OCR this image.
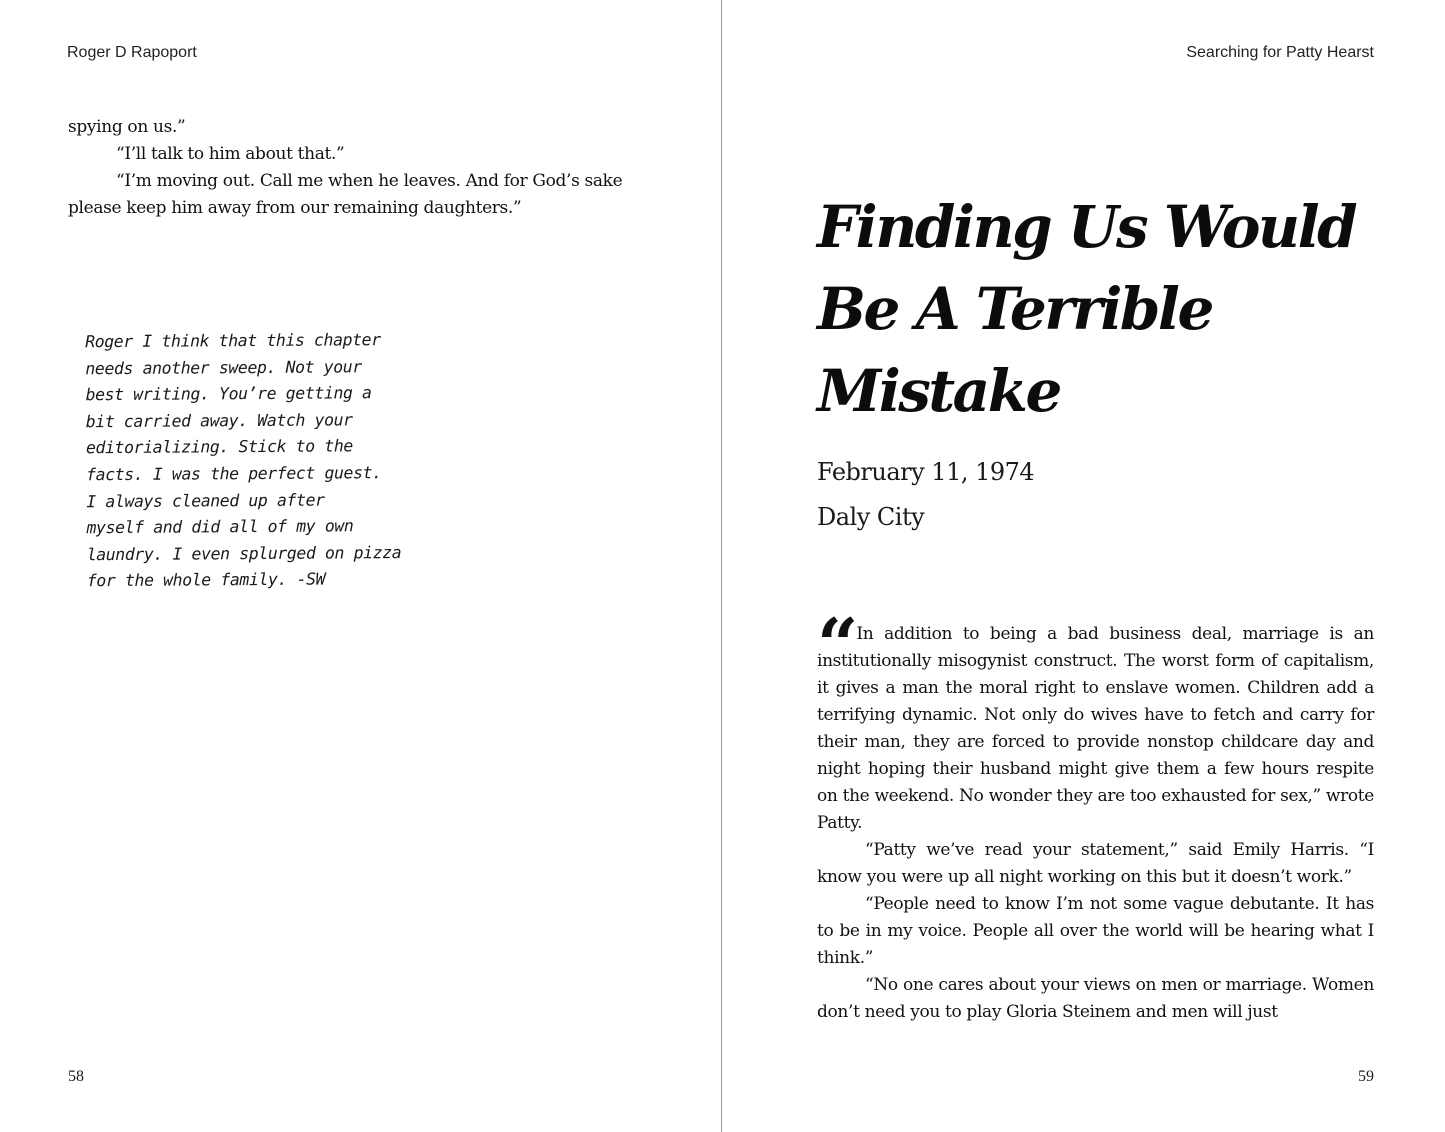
Roger D Rapoport

spying on us.”

“I’ll talk to him about that.”

“I’m moving out. Call me when he leaves. And for God’s sake please keep him away from our remaining daughters.”

Roger I think that this chapter

needs another sweep. Not your

best writing. You’re getting a

bit carried away. Watch your

editorializing. Stick to the

facts. I was the perfect guest.

I always cleaned up after

myself and did all of my own

laundry. I even splurged on pizza

for the whole family. -SW

58
Searching for Patty Hearst
59
Finding Us Would
Be A Terrible
Mistake
February 11, 1974
Daly City

“ In addition to being a bad business deal, marriage is an institutionally misogynist construct. The worst form of capitalism, it gives a man the moral right to enslave women. Children add a terrifying dynamic. Not only do wives have to fetch and carry for their man, they are forced to provide nonstop childcare day and night hoping their husband might give them a few hours respite on the weekend. No wonder they are too exhausted for sex,” wrote Patty.

“Patty we’ve read your statement,” said Emily Harris. “I know you were up all night working on this but it doesn’t work.”

“People need to know I’m not some vague debutante. It has to be in my voice. People all over the world will be hearing what I think.”

“No one cares about your views on men or marriage. Women don’t need you to play Gloria Steinem and men will just
